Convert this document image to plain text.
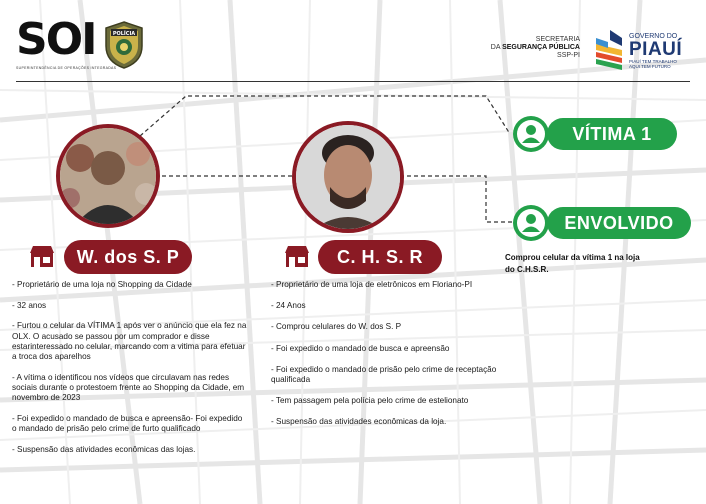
SOI
SUPERINTENDÊNCIA DE OPERAÇÕES INTEGRADAS
POLÍCIA
SECRETARIA
DA SEGURANÇA PÚBLICA
SSP-PI
GOVERNO DO
PIAUÍ
PIAUÍ TEM TRABALHO
AQUI TEM FUTURO
W. dos S. P	C. H. S. R
VÍTIMA 1
ENVOLVIDO
Comprou celular da vítima 1 na loja
do C.H.S.R.

- Proprietário de uma loja no Shopping da Cidade

- 32 anos

- Furtou o celular da VÍTIMA 1 após ver o anúncio que ela fez na OLX. O acusado se passou por um comprador e disse estarinteressado no celular, marcando com a vitima para efetuar a troca dos aparelhos

- A vítima o identificou nos vídeos que circulavam nas redes sociais durante o protestoem frente ao Shopping da Cidade, em novembro de 2023

- Foi expedido o mandado de busca e apreensão- Foi expedido o mandado de prisão pelo crime de furto qualificado

- Suspensão das atividades econômicas das lojas.

- Proprietário de uma loja de eletrônicos em Floriano-PI

- 24 Anos

- Comprou celulares do W. dos S. P

- Foi expedido o mandado de busca e apreensão

- Foi expedido o mandado de prisão pelo crime de receptação qualificada

- Tem passagem pela polícia pelo crime de estelionato

- Suspensão das atividades econômicas da loja.
